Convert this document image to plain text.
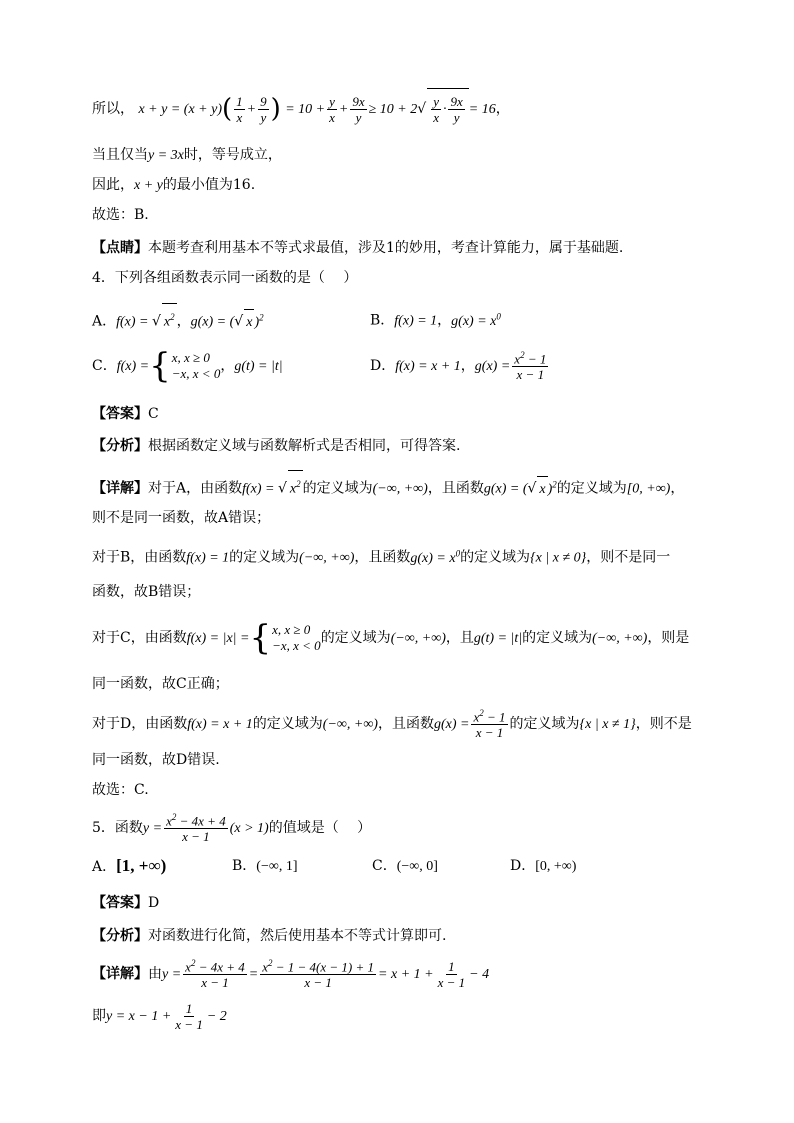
所以， $x + y = (x + y)( \frac{1}{x} + \frac{9}{y}$ ) = $10 + \frac{y}{x} + \frac{9x}{y} \ge 10 + 2√ \frac{y}{x} \cdot \frac{9x}{y} = 16$，
当且仅当y = 3x时，等号成立，
因此，x + y的最小值为16.
故选：B.
【点睛】本题考查利用基本不等式求最值，涉及1的妙用，考查计算能力，属于基础题.
4．下列各组函数表示同一函数的是（　 ）
A．f(x) = √ $x^2$ ，g(x) = (√ x )$^2$	B．f(x) = 1，$g(x) = x^0$
C．f(x) = { x, x ≥ 0
−x, x < 0 ，g(t) = |t|	D．f(x) = x + 1，$g(x) = \frac{x^2 - 1}{x - 1}$
【答案】C
【分析】根据函数定义域与函数解析式是否相同，可得答案.
【详解】对于A，由函数f(x) = √ $x^2$ 的定义域为(−∞, +∞)，且函数g(x) = (√ x )$^2$的定义域为[0, +∞)，
则不是同一函数，故A错误；
对于B，由函数f(x) = 1的定义域为(−∞, +∞)，且函数$g(x) = x^0$的定义域为{x | x ≠ 0}，则不是同一
函数，故B错误；
对于C，由函数f(x) = |x| = { x, x ≥ 0
−x, x < 0 的定义域为(−∞, +∞)，且g(t) = |t|的定义域为(−∞, +∞)，则是
同一函数，故C正确；
对于D，由函数f(x) = x + 1的定义域为(−∞, +∞)，且函数$g(x) = \frac{x^2 - 1}{x - 1}$ 的定义域为{x | x ≠ 1}，则不是
同一函数，故D错误.
故选：C.
5．函数$y = \frac{x^2 - 4x + 4}{x - 1} (x > 1)$的值域是（　 ）
A．[1, +∞)	B．(−∞, 1]	C．(−∞, 0]	D．[0, +∞)
【答案】D
【分析】对函数进行化简，然后使用基本不等式计算即可.
【详解】由$y = \frac{x^2 - 4x + 4}{x - 1} = \frac{x^2 - 1 - 4(x - 1) + 1}{x - 1} = x + 1 + \frac{1}{x - 1} - 4$
即$y = x - 1 + \frac{1}{x - 1} - 2$
